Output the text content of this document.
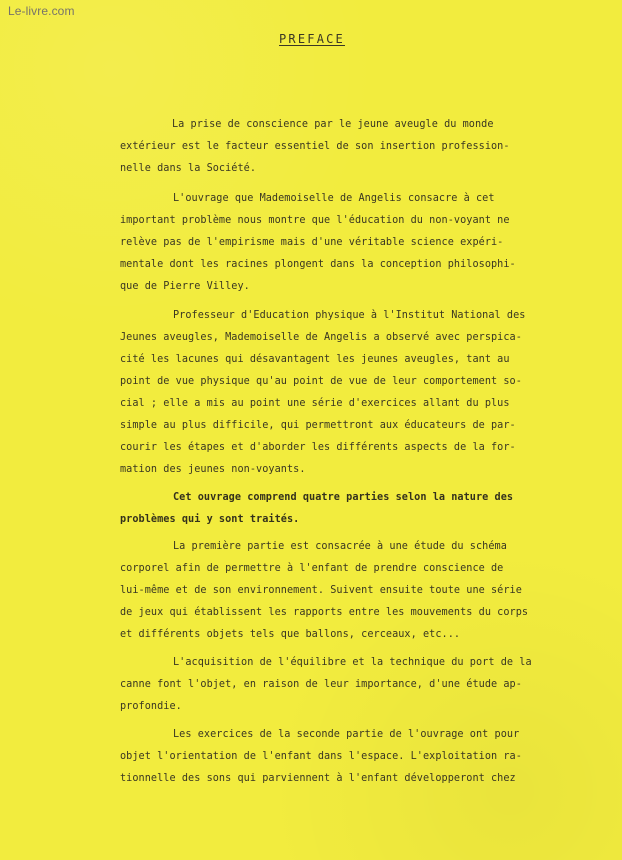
Le-livre.com
PREFACE
La prise de conscience par le jeune aveugle du monde
extérieur est le facteur essentiel de son insertion profession-
nelle dans la Société.
L'ouvrage que Mademoiselle de Angelis consacre à cet
important problème nous montre que l'éducation du non-voyant ne
relève pas de l'empirisme mais d'une véritable science expéri-
mentale dont les racines plongent dans la conception philosophi-
que de Pierre Villey.
Professeur d'Education physique à l'Institut National des
Jeunes aveugles, Mademoiselle de Angelis a observé avec perspica-
cité les lacunes qui désavantagent les jeunes aveugles, tant au
point de vue physique qu'au point de vue de leur comportement so-
cial ; elle a mis au point une série d'exercices allant du plus
simple au plus difficile, qui permettront aux éducateurs de par-
courir les étapes et d'aborder les différents aspects de la for-
mation des jeunes non-voyants.
Cet ouvrage comprend quatre parties selon la nature des
problèmes qui y sont traités.
La première partie est consacrée à une étude du schéma
corporel afin de permettre à l'enfant de prendre conscience de
lui-même et de son environnement. Suivent ensuite toute une série
de jeux qui établissent les rapports entre les mouvements du corps
et différents objets tels que ballons, cerceaux, etc...
L'acquisition de l'équilibre et la technique du port de la
canne font l'objet, en raison de leur importance, d'une étude ap-
profondie.
Les exercices de la seconde partie de l'ouvrage ont pour
objet l'orientation de l'enfant dans l'espace. L'exploitation ra-
tionnelle des sons qui parviennent à l'enfant développeront chez
